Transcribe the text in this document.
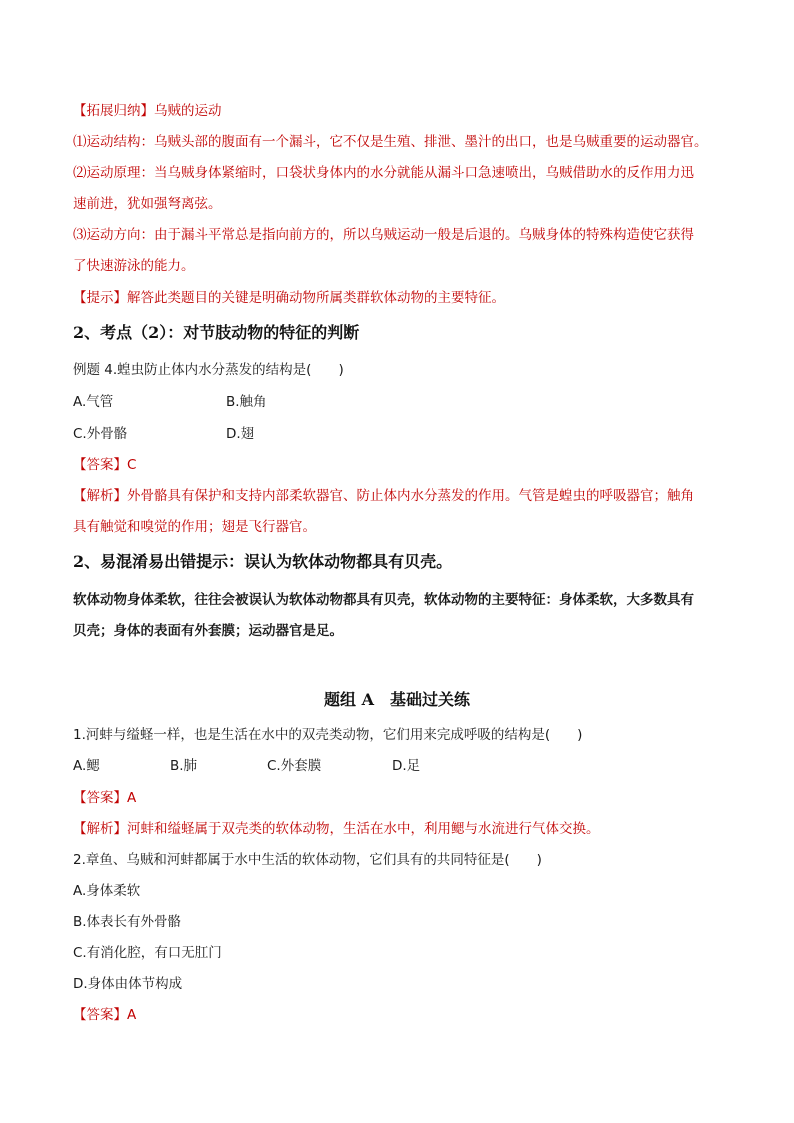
【拓展归纳】乌贼的运动
⑴运动结构：乌贼头部的腹面有一个漏斗，它不仅是生殖、排泄、墨汁的出口，也是乌贼重要的运动器官。
⑵运动原理：当乌贼身体紧缩时，口袋状身体内的水分就能从漏斗口急速喷出，乌贼借助水的反作用力迅
速前进，犹如强弩离弦。
⑶运动方向：由于漏斗平常总是指向前方的，所以乌贼运动一般是后退的。乌贼身体的特殊构造使它获得
了快速游泳的能力。
【提示】解答此类题目的关键是明确动物所属类群软体动物的主要特征。
2、考点（2）：对节肢动物的特征的判断
例题 4.蝗虫防止体内水分蒸发的结构是(　　)
A.气管	B.触角
C.外骨骼	D.翅
【答案】C
【解析】外骨骼具有保护和支持内部柔软器官、防止体内水分蒸发的作用。气管是蝗虫的呼吸器官；触角
具有触觉和嗅觉的作用；翅是飞行器官。
2、易混淆易出错提示：误认为软体动物都具有贝壳。
软体动物身体柔软，往往会被误认为软体动物都具有贝壳，软体动物的主要特征：身体柔软，大多数具有
贝壳；身体的表面有外套膜；运动器官是足。
题组 A　基础过关练
1.河蚌与缢蛏一样，也是生活在水中的双壳类动物，它们用来完成呼吸的结构是(　　)
A.鳃	B.肺	C.外套膜	D.足
【答案】A
【解析】河蚌和缢蛏属于双壳类的软体动物，生活在水中，利用鳃与水流进行气体交换。
2.章鱼、乌贼和河蚌都属于水中生活的软体动物，它们具有的共同特征是(　　)
A.身体柔软
B.体表长有外骨骼
C.有消化腔，有口无肛门
D.身体由体节构成
【答案】A
